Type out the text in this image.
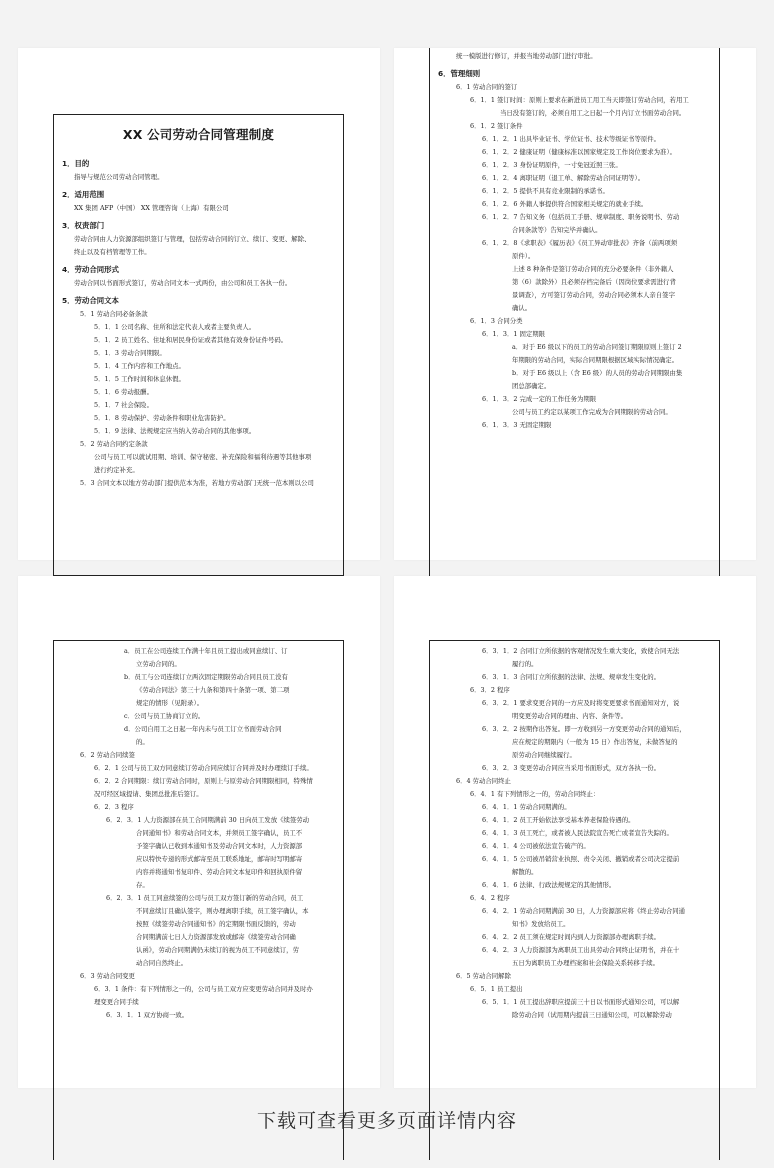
XX 公司劳动合同管理制度
1．目的
指导与规范公司劳动合同管理。
2．适用范围
XX 集团 AFP（中国） XX 管理咨询（上海）有限公司
3．权责部门
劳动合同由人力资源部组织签订与管理，包括劳动合同的订立、续订、变更、解除、
终止以及有档管理等工作。
4．劳动合同形式
劳动合同以书面形式签订，劳动合同文本一式两份，由公司和员工各执一份。
5．劳动合同文本
5．1 劳动合同必备条款
5．1．1 公司名称、住所和法定代表人或者主要负责人。
5．1．2 员工姓名、住址和居民身份证或者其他有效身份证件号码。
5．1．3 劳动合同期限。
5．1．4 工作内容和工作地点。
5．1．5 工作时间和休息休假。
5．1．6 劳动报酬。
5．1．7 社会保险。
5．1．8 劳动保护、劳动条件和职业危害防护。
5．1．9 法律、法规规定应当纳入劳动合同的其他事项。
5．2 劳动合同约定条款
公司与员工可以就试用期、培训、保守秘密、补充保险和福利待遇等其他事项
进行约定补充。
5．3 合同文本以地方劳动部门提供范本为准，若地方劳动部门无统一范本则以公司
统一模版进行修订，并报当地劳动部门进行审批。
6．管理细则
6．1 劳动合同的签订
6．1．1 签订时间：原则上要求在新进员工用工当天即签订劳动合同，若用工
当日没有签订的，必须自用工之日起一个月内订立书面劳动合同。
6．1．2 签订条件
6．1．2．1 出具毕业证书、学位证书、技术等级证书等原件。
6．1．2．2 健康证明（健康标准以国家规定及工作岗位要求为准）。
6．1．2．3 身份证明原件，一寸免冠近照三张。
6．1．2．4 离职证明（退工单、解除劳动合同证明等）。
6．1．2．5 提供不具有竞业限制的承诺书。
6．1．2．6 外籍人事提供符合国家相关规定的就业手续。
6．1．2．7 告知义务（包括员工手册、规章制度、职务说明书、劳动
合同条款等）告知完毕并确认。
6．1．2．8《求职表》《履历表》《员工异动审批表》齐备（前两项须
原件）。
上述 8 种条件是签订劳动合同的充分必要条件（非外籍人
第（6）款除外）且必须存档完备后（因岗位要求需进行背
景调查），方可签订劳动合同，劳动合同必须本人亲自签字
确认。
6．1．3 合同分类
6．1．3．1 固定期限
a．对于 E6 级以下的员工的劳动合同签订期限原则上签订 2
年期限的劳动合同，实际合同期限根据区域实际情况确定。
b．对于 E6 级以上（含 E6 级）的人员的劳动合同期限由集
团总部确定。
6．1．3．2 完成一定的工作任务为期限
公司与员工约定以某项工作完成为合同期限的劳动合同。
6．1．3．3 无固定期限
a．员工在公司连续工作满十年且员工提出或同意续订、订
立劳动合同的。
b．员工与公司连续订立两次固定期限劳动合同且员工没有
《劳动合同法》第三十九条和第四十条第一项、第二项
规定的情形（见附录）。
c．公司与员工协商订立的。
d．公司自用工之日起一年内未与员工订立书面劳动合同
的。
6．2 劳动合同续签
6．2．1 公司与员工双方同意续订劳动合同应续订合同并及时办理续订手续。
6．2．2 合同期限：续订劳动合同时，原则上与原劳动合同期限相同，特殊情
况可经区域提请、集团总批准后签订。
6．2．3 程序
6．2．3．1 人力资源部在员工合同期满前 30 日向员工发放《续签劳动
合同通知书》和劳动合同文本，并须员工签字确认，员工不
予签字确认已收到本通知书及劳动合同文本时，人力资源部
应以特快专递的形式邮寄至员工联系地址，邮寄时写明邮寄
内容并将通知书复印件、劳动合同文本复印件和回执原件留
存。
6．2．3．1 员工同意续签的公司与员工双方签订新的劳动合同，员工
不同意续订且确认签字，则办理离职手续，员工签字确认，本
按照《续签劳动合同通知书》的定期限书面反馈的，劳动
合同期满前七日人力资源部发放或邮寄《续签劳动合同确
认函》，劳动合同期满仍未续订的视为员工不同意续订，劳
动合同自然终止。
6．3 劳动合同变更
6．3．1 条件：有下列情形之一的，公司与员工双方应变更劳动合同并及时办
理变更合同手续
6．3．1．1 双方协商一致。
6．3．1．2 合同订立所依据的客观情况发生重大变化，致使合同无法
履行的。
6．3．1．3 合同订立所依据的法律、法规、规章发生变化的。
6．3．2 程序
6．3．2．1 要求变更合同的一方应及时将变更要求书面通知对方，说
明变更劳动合同的理由、内容、条件等。
6．3．2．2 按期作出答复。即一方收到另一方变更劳动合同的通知后，
应在规定的期限内（一般为 15 日）作出答复，未做答复的
原劳动合同继续履行。
6．3．2．3 变更劳动合同应当采用书面形式，双方各执一份。
6．4 劳动合同终止
6．4．1 有下列情形之一的，劳动合同终止：
6．4．1．1 劳动合同期满的。
6．4．1．2 员工开始依法享受基本养老保险待遇的。
6．4．1．3 员工死亡，或者被人民法院宣告死亡或者宣告失踪的。
6．4．1．4 公司被依法宣告破产的。
6．4．1．5 公司被吊销营业执照、责令关闭、撤销或者公司决定提前
解散的。
6．4．1．6 法律、行政法规规定的其他情形。
6．4．2 程序
6．4．2．1 劳动合同期满前 30 日，人力资源部应将《终止劳动合同通
知书》发放给员工。
6．4．2．2 员工须在规定时间内到人力资源部办理离职手续。
6．4．2．3 人力资源部为离职员工出具劳动合同终止证明书，并在十
五日为离职员工办理档案和社会保险关系转移手续。
6．5 劳动合同解除
6．5．1 员工提出
6．5．1．1 员工提出辞职应提前三十日以书面形式通知公司，可以解
除劳动合同（试用期内提前三日通知公司，可以解除劳动
下载可查看更多页面详情内容
